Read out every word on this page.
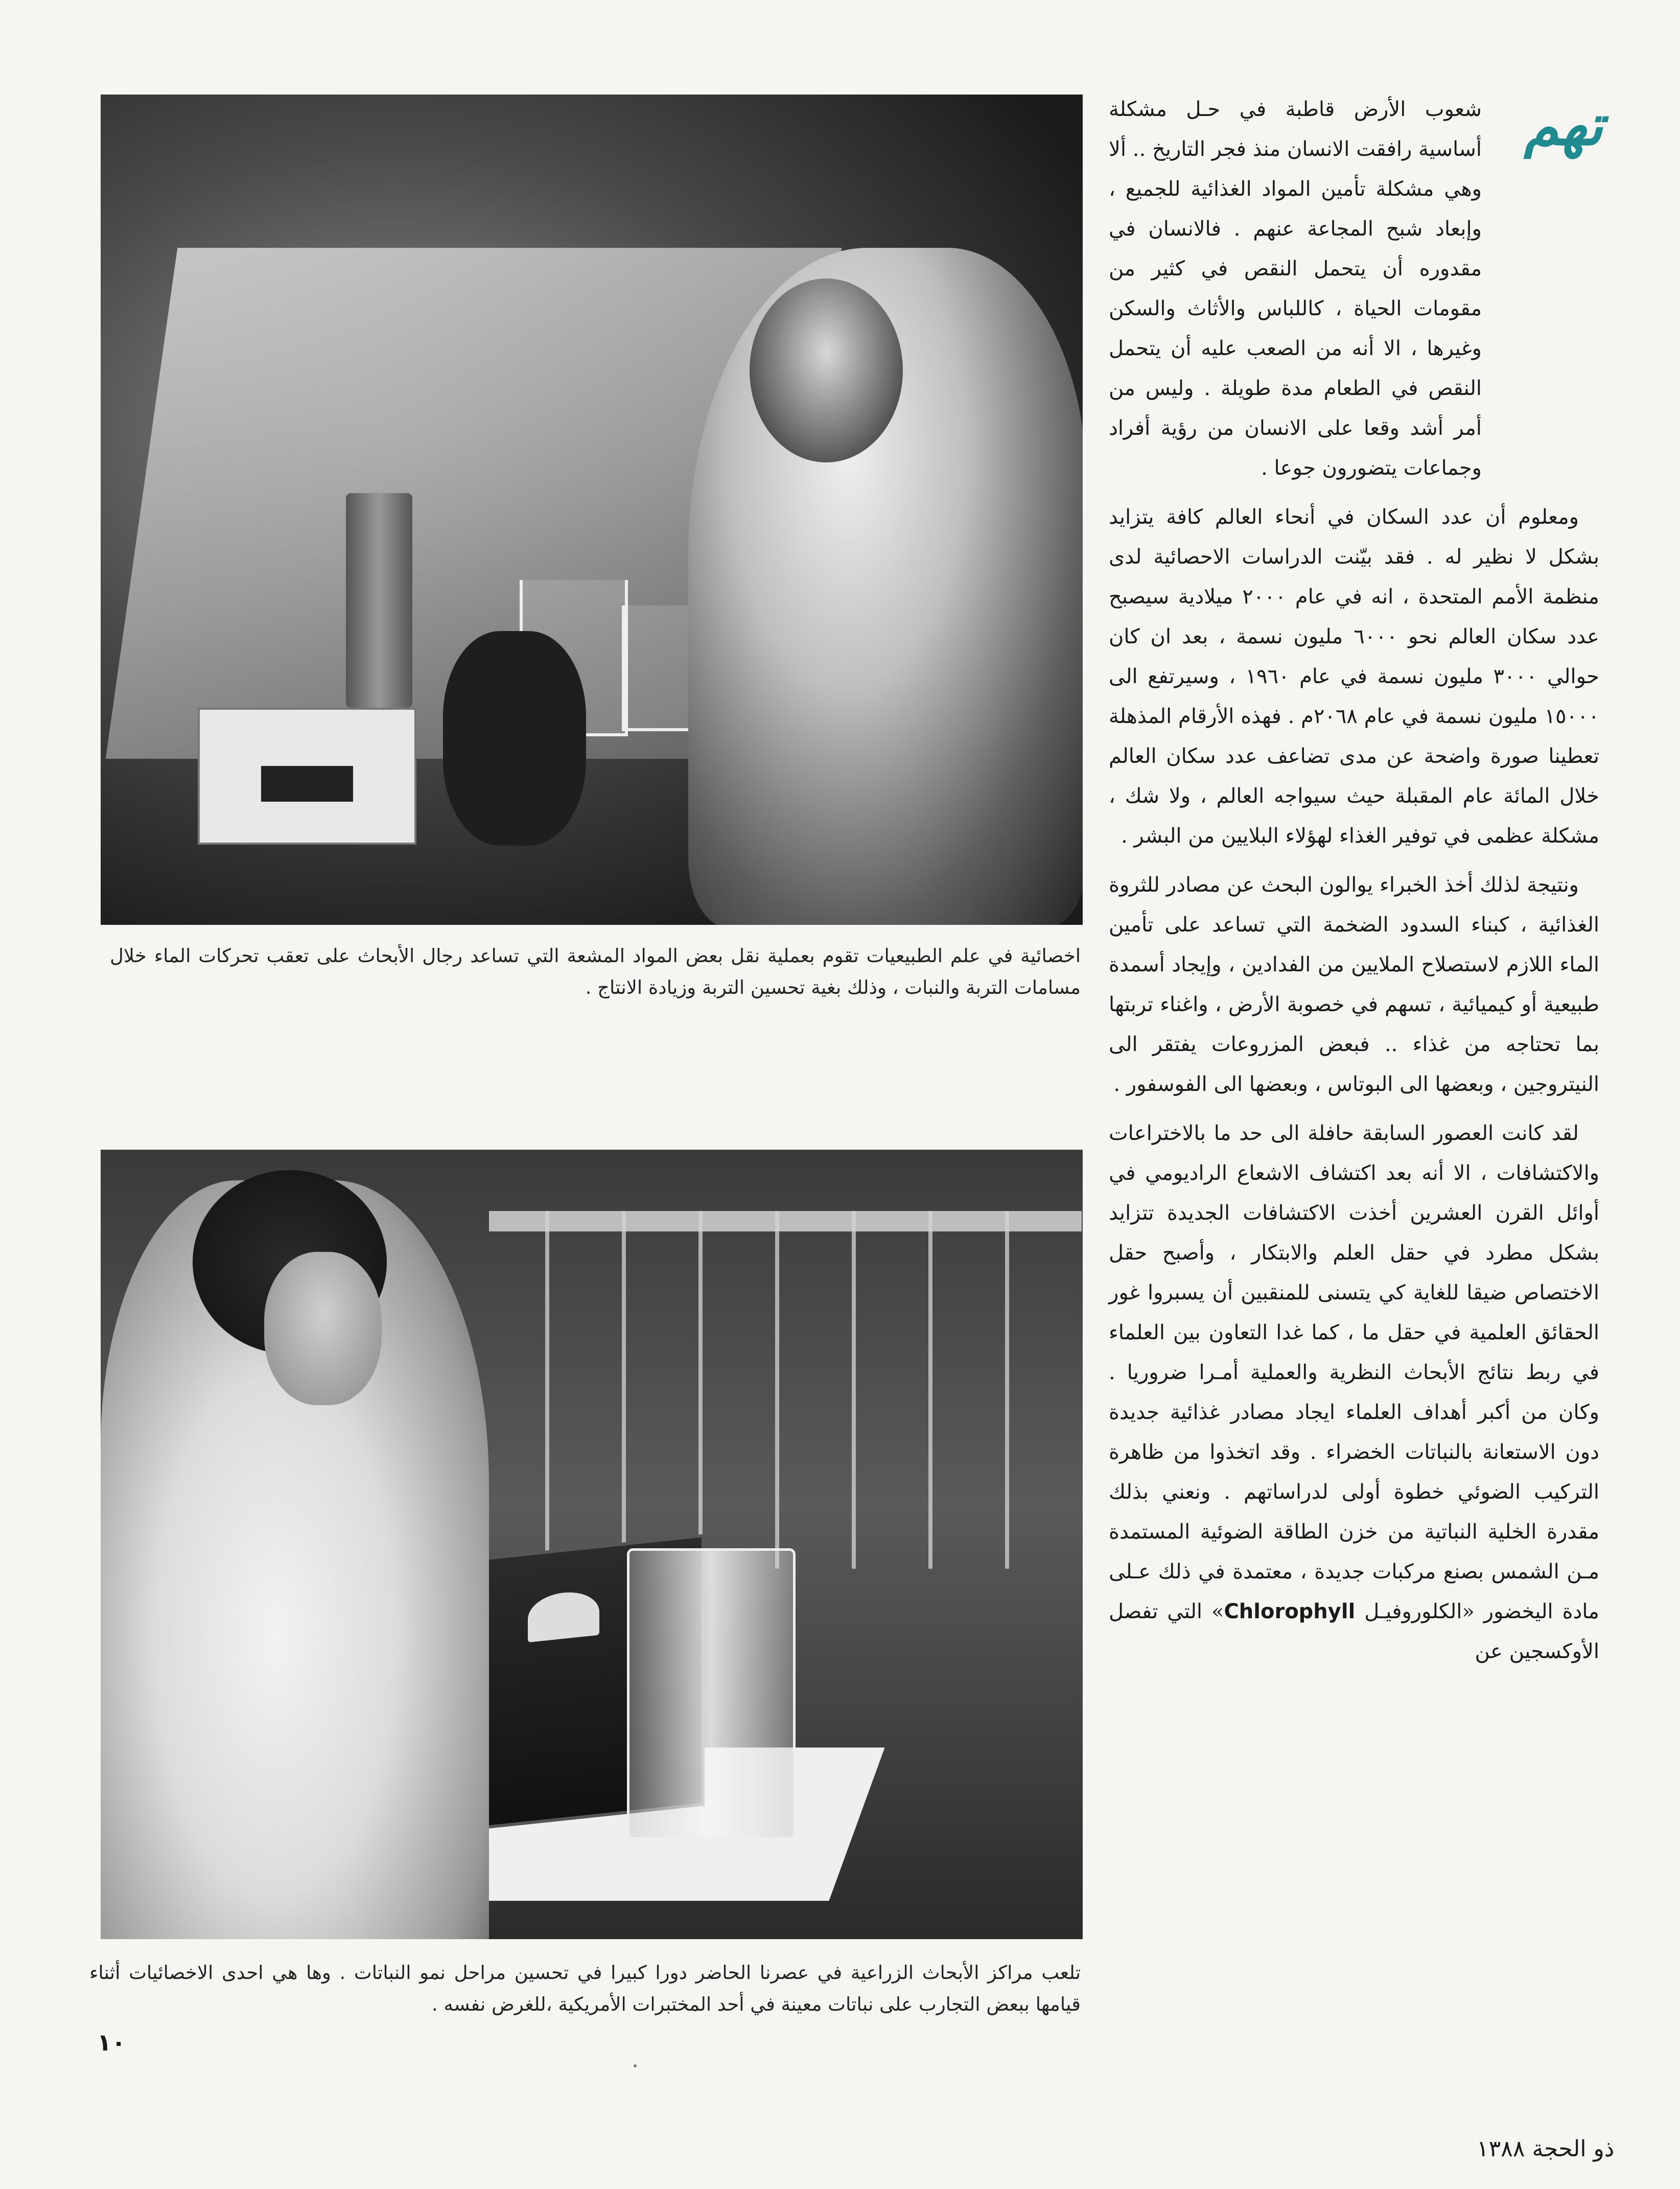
اخصائية في علم الطبيعيات تقوم بعملية نقل بعض المواد المشعة التي تساعد رجال الأبحاث على تعقب تحركات الماء خلال مسامات التربة والنبات ، وذلك بغية تحسين التربة وزيادة الانتاج .
تلعب مراكز الأبحاث الزراعية في عصرنا الحاضر دورا كبيرا في تحسين مراحل نمو النباتات . وها هي احدى الاخصائيات أثناء قيامها ببعض التجارب على نباتات معينة في أحد المختبرات الأمريكية ،للغرض نفسه .
تهم

شعوب الأرض قاطبة في حـل مشكلة أساسية رافقت الانسان منذ فجر التاريخ .. ألا وهي مشكلة تأمين المواد الغذائية للجميع ، وإبعاد شبح المجاعة عنهم . فالانسان في مقدوره أن يتحمل النقص في كثير من مقومات الحياة ، كاللباس والأثاث والسكن وغيرها ، الا أنه من الصعب عليه أن يتحمل النقص في الطعام مدة طويلة . وليس من أمر أشد وقعا على الانسان من رؤية أفراد وجماعات يتضورون جوعا .

ومعلوم أن عدد السكان في أنحاء العالم كافة يتزايد بشكل لا نظير له . فقد بيّنت الدراسات الاحصائية لدى منظمة الأمم المتحدة ، انه في عام ٢٠٠٠ ميلادية سيصبح عدد سكان العالم نحو ٦٠٠٠ مليون نسمة ، بعد ان كان حوالي ٣٠٠٠ مليون نسمة في عام ١٩٦٠ ، وسيرتفع الى ١٥٠٠٠ مليون نسمة في عام ٢٠٦٨م . فهذه الأرقام المذهلة تعطينا صورة واضحة عن مدى تضاعف عدد سكان العالم خلال المائة عام المقبلة حيث سيواجه العالم ، ولا شك ، مشكلة عظمى في توفير الغذاء لهؤلاء البلايين من البشر .

ونتيجة لذلك أخذ الخبراء يوالون البحث عن مصادر للثروة الغذائية ، كبناء السدود الضخمة التي تساعد على تأمين الماء اللازم لاستصلاح الملايين من الفدادين ، وإيجاد أسمدة طبيعية أو كيميائية ، تسهم في خصوبة الأرض ، واغناء تربتها بما تحتاجه من غذاء .. فبعض المزروعات يفتقر الى النيتروجين ، وبعضها الى البوتاس ، وبعضها الى الفوسفور .

لقد كانت العصور السابقة حافلة الى حد ما بالاختراعات والاكتشافات ، الا أنه بعد اكتشاف الاشعاع الراديومي في أوائل القرن العشرين أخذت الاكتشافات الجديدة تتزايد بشكل مطرد في حقل العلم والابتكار ، وأصبح حقل الاختصاص ضيقا للغاية كي يتسنى للمنقبين أن يسبروا غور الحقائق العلمية في حقل ما ، كما غدا التعاون بين العلماء في ربط نتائج الأبحاث النظرية والعملية أمـرا ضروريا . وكان من أكبر أهداف العلماء ايجاد مصادر غذائية جديدة دون الاستعانة بالنباتات الخضراء . وقد اتخذوا من ظاهرة التركيب الضوئي خطوة أولى لدراساتهم . ونعني بذلك مقدرة الخلية النباتية من خزن الطاقة الضوئية المستمدة مـن الشمس بصنع مركبات جديدة ، معتمدة في ذلك عـلى مادة اليخضور «الكلوروفيـل Chlorophyll» التي تفصل الأوكسجين عن

١٠
ذو الحجة ١٣٨٨
